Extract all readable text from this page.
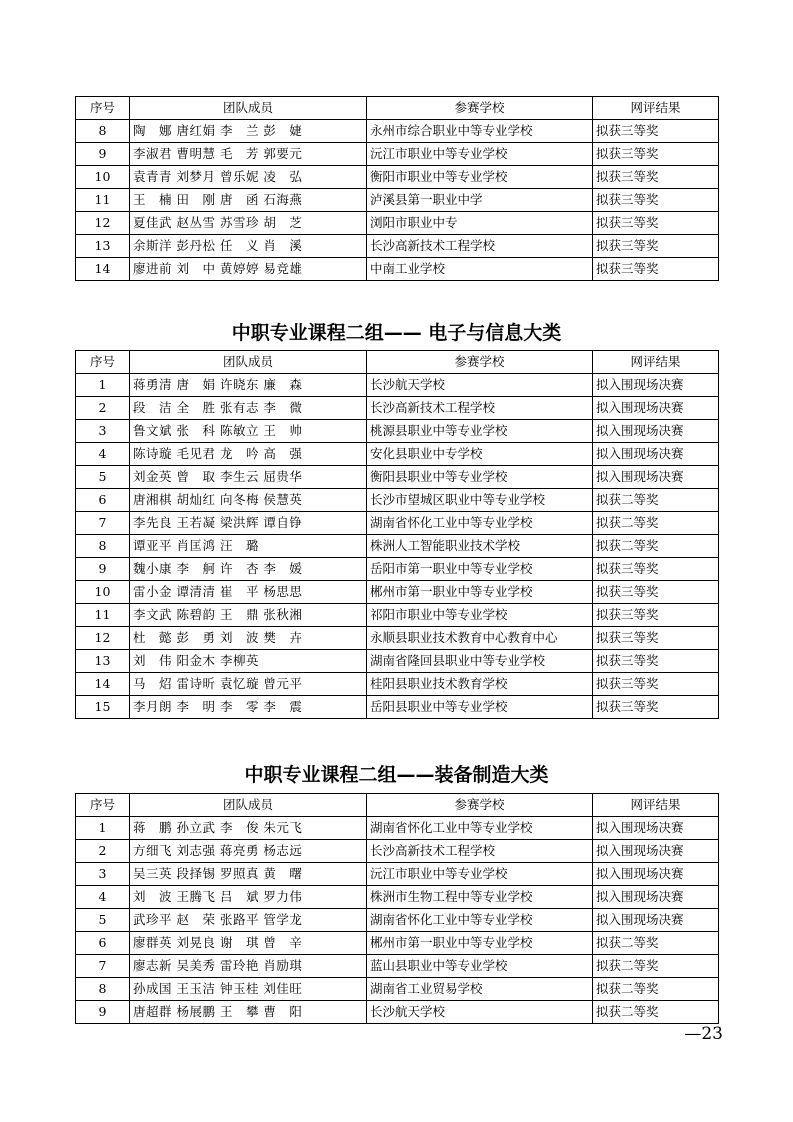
序号	团队成员	参赛学校	网评结果
8	陶　娜 唐红娟 李　兰 彭　婕	永州市综合职业中等专业学校	拟获三等奖
9	李淑君 曹明慧 毛　芳 郭要元	沅江市职业中等专业学校	拟获三等奖
10	袁青青 刘梦月 曾乐妮 凌　弘	衡阳市职业中等专业学校	拟获三等奖
11	王　楠 田　刚 唐　函 石海燕	泸溪县第一职业中学	拟获三等奖
12	夏佳武 赵丛雪 苏雪珍 胡　芝	浏阳市职业中专	拟获三等奖
13	余斯洋 彭丹松 任　义 肖　溪	长沙高新技术工程学校	拟获三等奖
14	廖进前 刘　中 黄婷婷 易竞雄	中南工业学校	拟获三等奖
中职专业课程二组—— 电子与信息大类
序号	团队成员	参赛学校	网评结果
1	蒋勇清 唐　娟 许晓东 廉　森	长沙航天学校	拟入围现场决赛
2	段　洁 全　胜 张有志 李　微	长沙高新技术工程学校	拟入围现场决赛
3	鲁文斌 张　科 陈敏立 王　帅	桃源县职业中等专业学校	拟入围现场决赛
4	陈诗璇 毛见君 龙　吟 高　强	安化县职业中专学校	拟入围现场决赛
5	刘金英 曾　取 李生云 屈贵华	衡阳县职业中等专业学校	拟入围现场决赛
6	唐湘棋 胡灿红 向冬梅 侯慧英	长沙市望城区职业中等专业学校	拟获二等奖
7	李先良 王若凝 梁洪辉 谭自铮	湖南省怀化工业中等专业学校	拟获二等奖
8	谭亚平 肖匡鸿 汪　璐	株洲人工智能职业技术学校	拟获二等奖
9	魏小康 李　舸 许　杏 李　媛	岳阳市第一职业中等专业学校	拟获三等奖
10	雷小金 谭清清 崔　平 杨思思	郴州市第一职业中等专业学校	拟获三等奖
11	李文武 陈碧韵 王　鼎 张秋湘	祁阳市职业中等专业学校	拟获三等奖
12	杜　懿 彭　勇 刘　波 樊　卉	永顺县职业技术教育中心教育中心	拟获三等奖
13	刘　伟 阳金木 李柳英	湖南省隆回县职业中等专业学校	拟获三等奖
14	马　炤 雷诗昕 袁忆璇 曾元平	桂阳县职业技术教育学校	拟获三等奖
15	李月朗 李　明 李　零 李　震	岳阳县职业中等专业学校	拟获三等奖
中职专业课程二组——装备制造大类
序号	团队成员	参赛学校	网评结果
1	蒋　鹏 孙立武 李　俊 朱元飞	湖南省怀化工业中等专业学校	拟入围现场决赛
2	方细飞 刘志强 蒋亮勇 杨志远	长沙高新技术工程学校	拟入围现场决赛
3	吴三英 段择锡 罗照真 黄　曙	沅江市职业中等专业学校	拟入围现场决赛
4	刘　波 王腾飞 吕　斌 罗力伟	株洲市生物工程中等专业学校	拟入围现场决赛
5	武珍平 赵　荣 张路平 管学龙	湖南省怀化工业中等专业学校	拟入围现场决赛
6	廖群英 刘晃良 谢　琪 曾　辛	郴州市第一职业中等专业学校	拟获二等奖
7	廖志新 吴美秀 雷玲艳 肖励琪	蓝山县职业中等专业学校	拟获二等奖
8	孙成国 王玉洁 钟玉桂 刘佳旺	湖南省工业贸易学校	拟获二等奖
9	唐超群 杨展鹏 王　攀 曹　阳	长沙航天学校	拟获二等奖
—23
